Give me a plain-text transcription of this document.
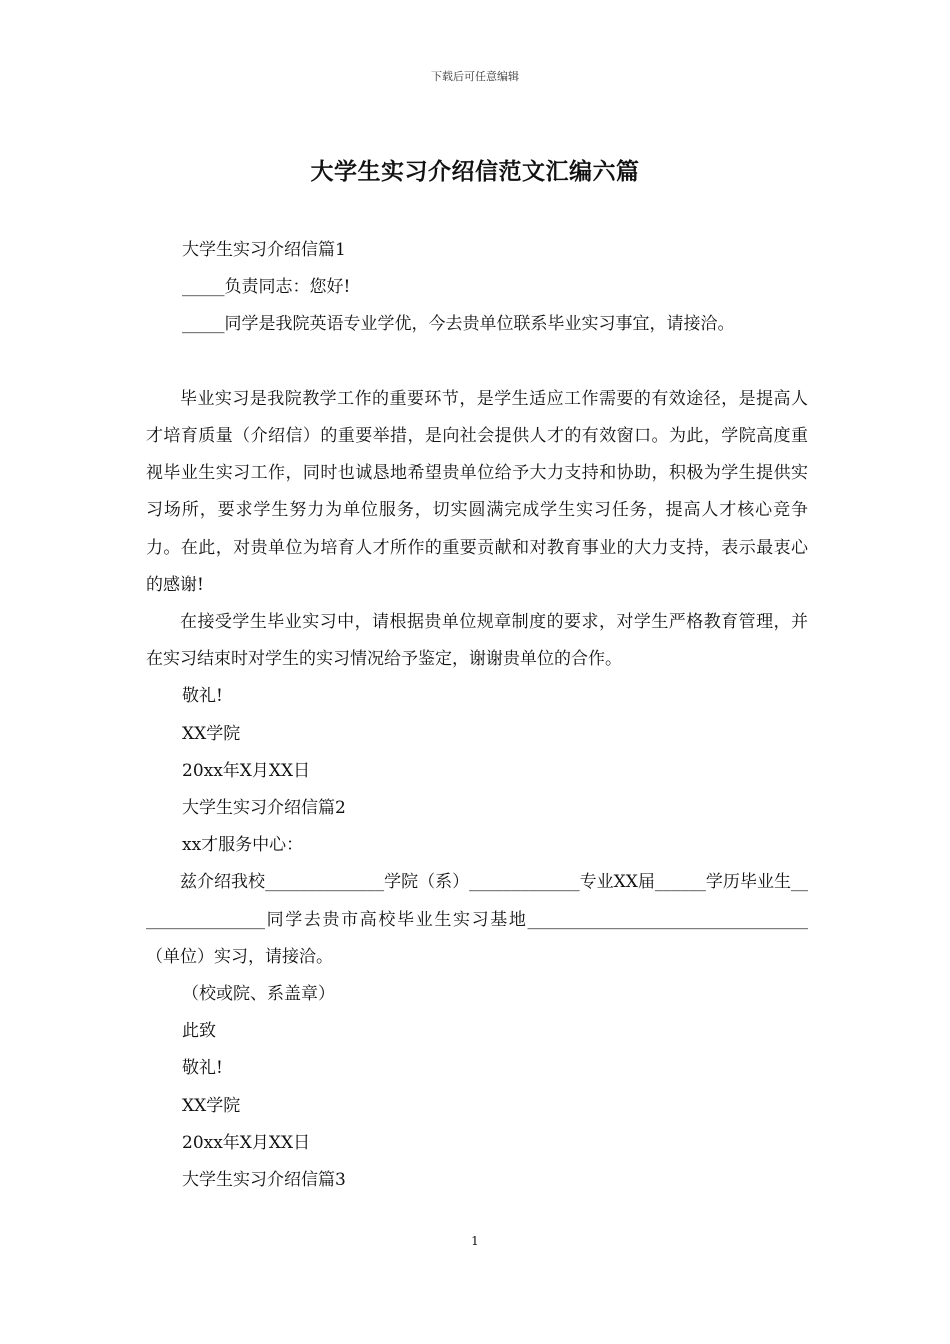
下载后可任意编辑
大学生实习介绍信范文汇编六篇

大学生实习介绍信篇1

_____负责同志：您好!

_____同学是我院英语专业学优，今去贵单位联系毕业实习事宜，请接洽。

毕业实习是我院教学工作的重要环节，是学生适应工作需要的有效途径，是提高人才培育质量（介绍信）的重要举措，是向社会提供人才的有效窗口。为此，学院高度重视毕业生实习工作，同时也诚恳地希望贵单位给予大力支持和协助，积极为学生提供实习场所，要求学生努力为单位服务，切实圆满完成学生实习任务，提高人才核心竞争力。在此，对贵单位为培育人才所作的重要贡献和对教育事业的大力支持，表示最衷心的感谢!

在接受学生毕业实习中，请根据贵单位规章制度的要求，对学生严格教育管理，并在实习结束时对学生的实习情况给予鉴定，谢谢贵单位的合作。

敬礼!

XX学院

20xx年X月XX日

大学生实习介绍信篇2

xx才服务中心：

兹介绍我校______________学院（系）_____________专业XX届______学历毕业生________________同学去贵市高校毕业生实习基地_________________________________（单位）实习，请接洽。

（校或院、系盖章）

此致

敬礼!

XX学院

20xx年X月XX日

大学生实习介绍信篇3

1
